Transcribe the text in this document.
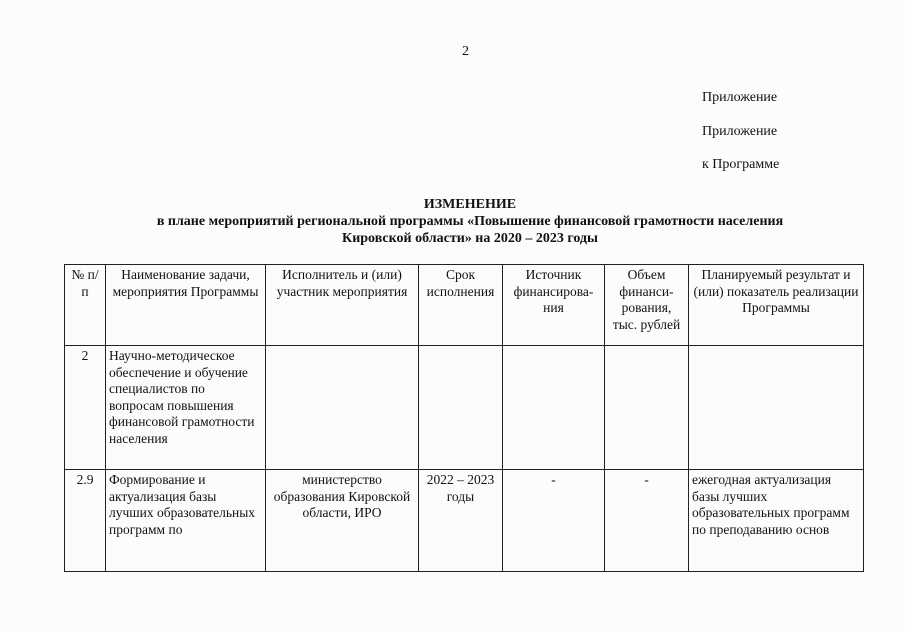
2
Приложение
Приложение
к Программе
ИЗМЕНЕНИЕ
в плане мероприятий региональной программы «Повышение финансовой грамотности населения
Кировской области» на 2020 – 2023 годы
№ п/п	Наименование задачи, мероприятия Программы	Исполнитель и (или) участник мероприятия	Срок исполнения	Источник финансирова-ния	Объем финанси-рования, тыс. рублей	Планируемый результат и (или) показатель реализации Программы
2	Научно-методическое обеспечение и обучение специалистов по вопросам повышения финансовой грамотности населения					
2.9	Формирование и актуализация базы лучших образовательных программ по	министерство образования Кировской области, ИРО	2022 – 2023 годы	-	-	ежегодная актуализация базы лучших образовательных программ по преподаванию основ
